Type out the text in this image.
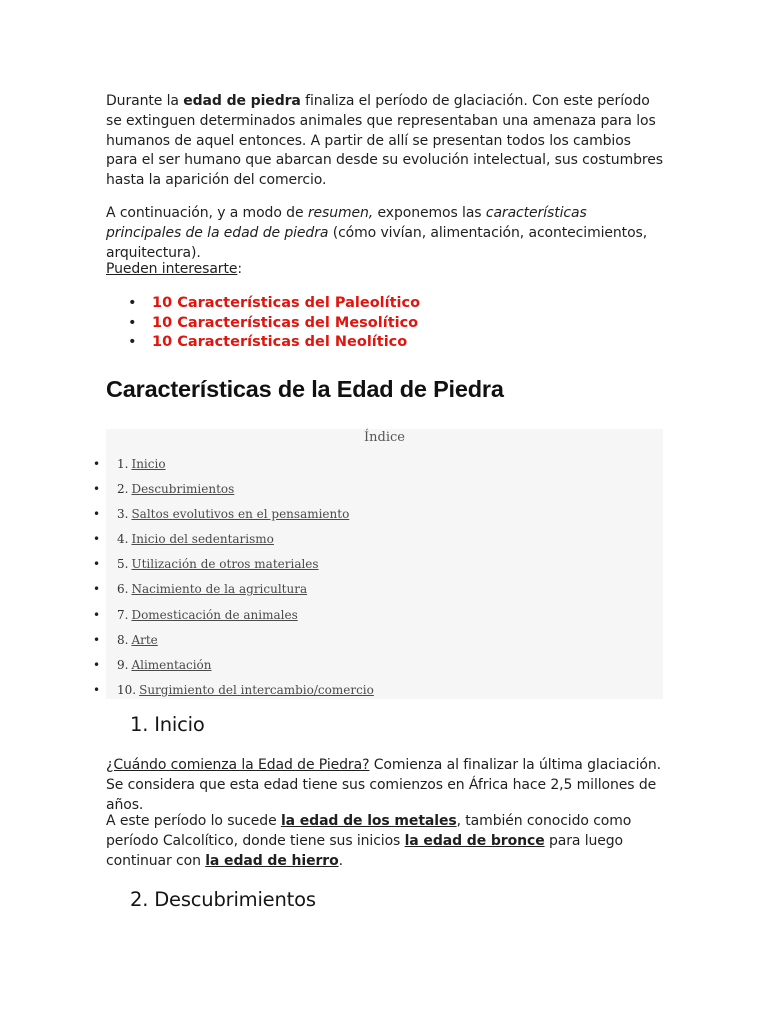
Durante la edad de piedra finaliza el período de glaciación. Con este período se extinguen determinados animales que representaban una amenaza para los humanos de aquel entonces. A partir de allí se presentan todos los cambios para el ser humano que abarcan desde su evolución intelectual, sus costumbres hasta la aparición del comercio.

A continuación, y a modo de resumen, exponemos las características principales de la edad de piedra (cómo vivían, alimentación, acontecimientos, arquitectura).

Pueden interesarte:

• 10 Características del Paleolítico
• 10 Características del Mesolítico
• 10 Características del Neolítico
Características de la Edad de Piedra
Índice
• 1. Inicio
• 2. Descubrimientos
• 3. Saltos evolutivos en el pensamiento
• 4. Inicio del sedentarismo
• 5. Utilización de otros materiales
• 6. Nacimiento de la agricultura
• 7. Domesticación de animales
• 8. Arte
• 9. Alimentación
• 10. Surgimiento del intercambio/comercio
1. Inicio

¿Cuándo comienza la Edad de Piedra? Comienza al finalizar la última glaciación. Se considera que esta edad tiene sus comienzos en África hace 2,5 millones de años.

A este período lo sucede la edad de los metales, también conocido como período Calcolítico, donde tiene sus inicios la edad de bronce para luego continuar con la edad de hierro.

2. Descubrimientos
